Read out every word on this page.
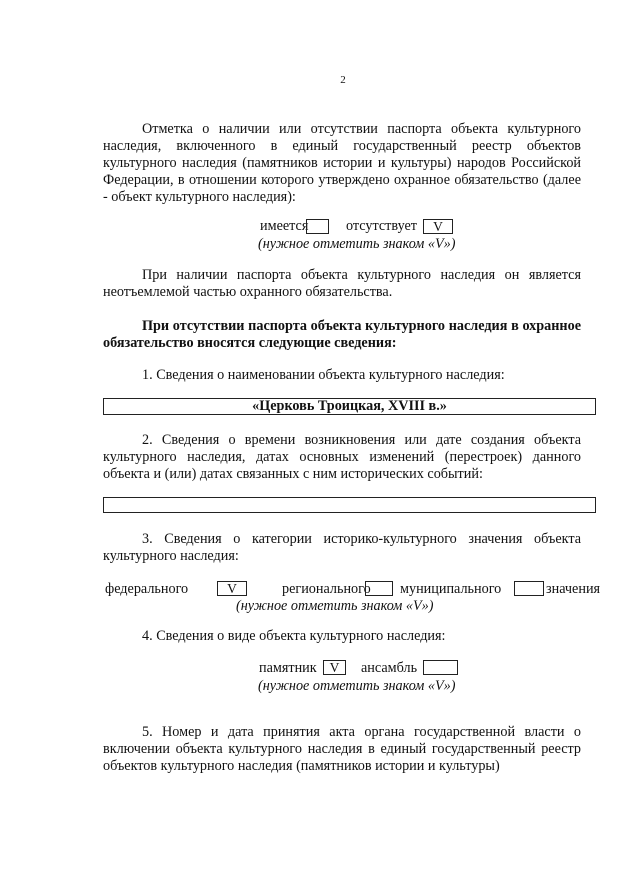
2
Отметка о наличии или отсутствии паспорта объекта культурного наследия, включенного в единый государственный реестр объектов культурного наследия (памятников истории и культуры) народов Российской Федерации, в отношении которого утверждено охранное обязательство (далее - объект культурного наследия):
имеется	отсутствует	V
(нужное отметить знаком «V»)
При наличии паспорта объекта культурного наследия он является неотъемлемой частью охранного обязательства.
При отсутствии паспорта объекта культурного наследия в охранное обязательство вносятся следующие сведения:
1. Сведения о наименовании объекта культурного наследия:
«Церковь Троицкая, XVIII в.»
2. Сведения о времени возникновения или дате создания объекта культурного наследия, датах основных изменений (перестроек) данного объекта и (или) датах связанных с ним исторических событий:
3. Сведения о категории историко-культурного значения объекта культурного наследия:
федерального	V	регионального муниципального	значения
(нужное отметить знаком «V»)
4. Сведения о виде объекта культурного наследия:
памятник V	ансамбль
(нужное отметить знаком «V»)
5. Номер и дата принятия акта органа государственной власти о включении объекта культурного наследия в единый государственный реестр объектов культурного наследия (памятников истории и культуры)
